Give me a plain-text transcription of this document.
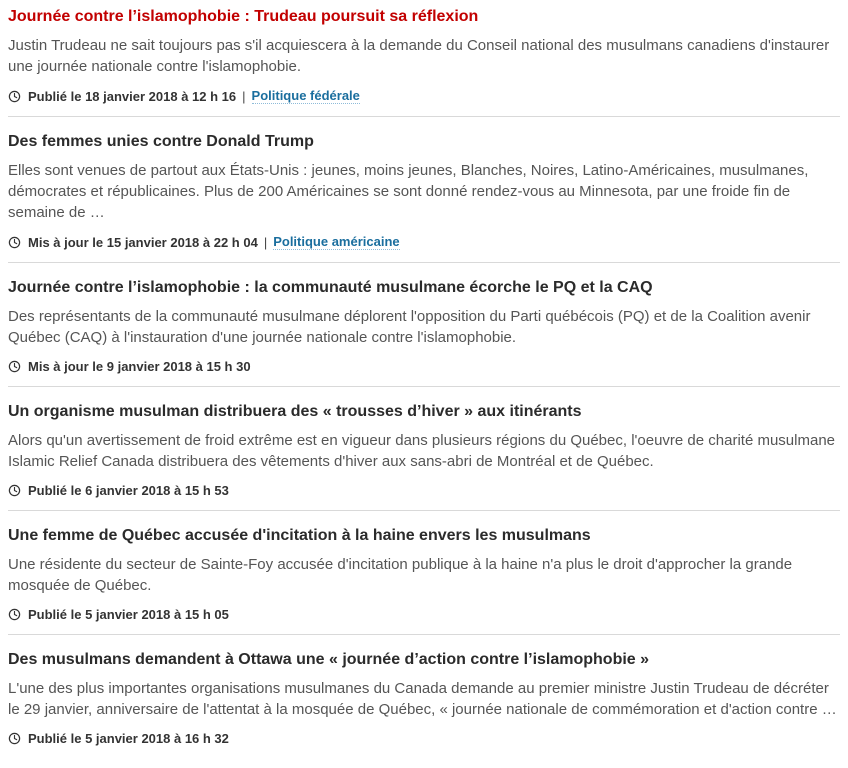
Journée contre l’islamophobie : Trudeau poursuit sa réflexion

Justin Trudeau ne sait toujours pas s'il acquiescera à la demande du Conseil national des musulmans canadiens d'instaurer une journée nationale contre l'islamophobie.

Publié le 18 janvier 2018 à 12 h 16 | Politique fédérale
Des femmes unies contre Donald Trump

Elles sont venues de partout aux États-Unis : jeunes, moins jeunes, Blanches, Noires, Latino-Américaines, musulmanes, démocrates et républicaines. Plus de 200 Américaines se sont donné rendez-vous au Minnesota, par une froide fin de semaine de …

Mis à jour le 15 janvier 2018 à 22 h 04 | Politique américaine
Journée contre l’islamophobie : la communauté musulmane écorche le PQ et la CAQ

Des représentants de la communauté musulmane déplorent l'opposition du Parti québécois (PQ) et de la Coalition avenir Québec (CAQ) à l'instauration d'une journée nationale contre l'islamophobie.

Mis à jour le 9 janvier 2018 à 15 h 30
Un organisme musulman distribuera des « trousses d’hiver » aux itinérants

Alors qu'un avertissement de froid extrême est en vigueur dans plusieurs régions du Québec, l'oeuvre de charité musulmane Islamic Relief Canada distribuera des vêtements d'hiver aux sans-abri de Montréal et de Québec.

Publié le 6 janvier 2018 à 15 h 53
Une femme de Québec accusée d'incitation à la haine envers les musulmans

Une résidente du secteur de Sainte-Foy accusée d'incitation publique à la haine n'a plus le droit d'approcher la grande mosquée de Québec.

Publié le 5 janvier 2018 à 15 h 05
Des musulmans demandent à Ottawa une « journée d’action contre l’islamophobie »

L'une des plus importantes organisations musulmanes du Canada demande au premier ministre Justin Trudeau de décréter le 29 janvier, anniversaire de l'attentat à la mosquée de Québec, « journée nationale de commémoration et d'action contre …

Publié le 5 janvier 2018 à 16 h 32
